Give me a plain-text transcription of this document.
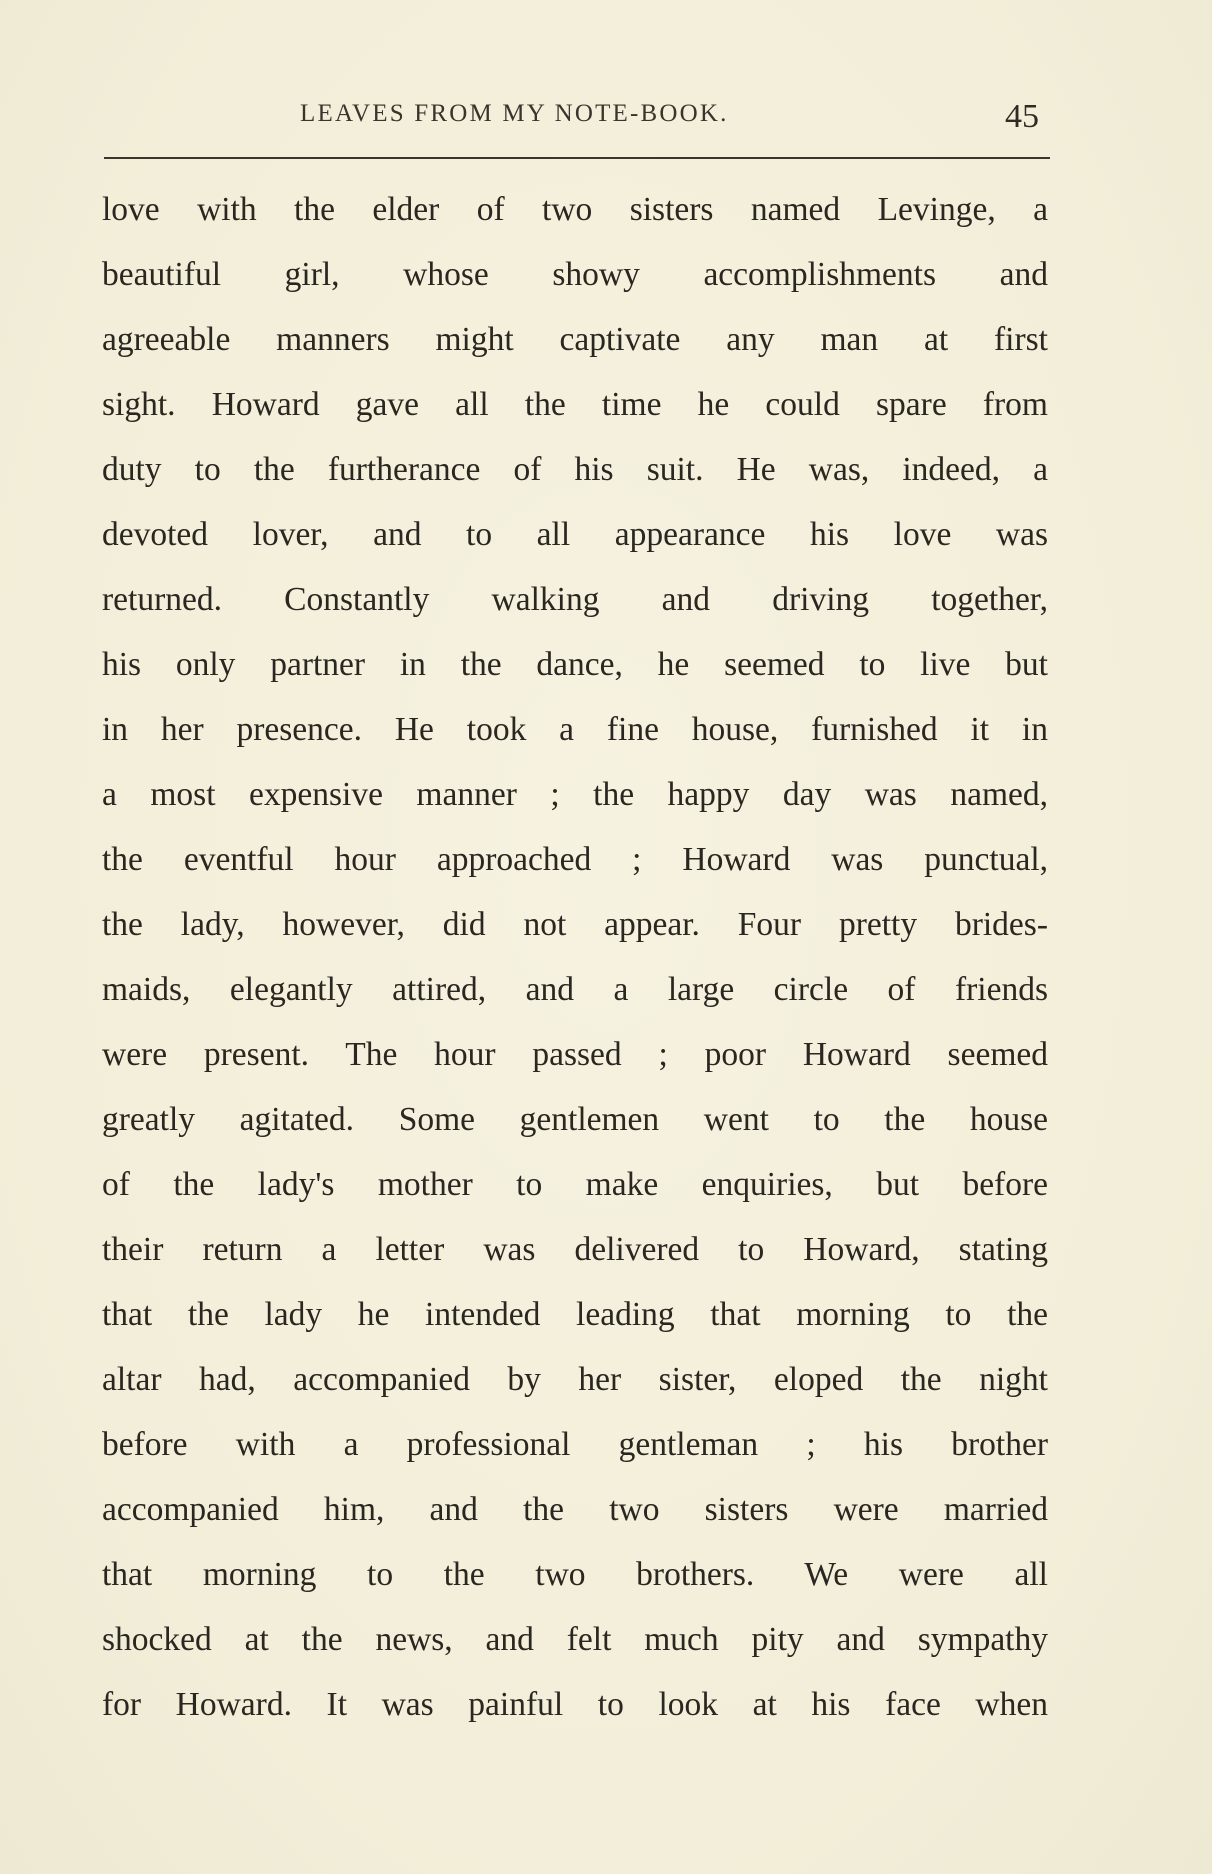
LEAVES FROM MY NOTE-BOOK.	45
love with the elder of two sisters named Levinge, a
beautiful girl, whose showy accomplishments and
agreeable manners might captivate any man at first
sight. Howard gave all the time he could spare from
duty to the furtherance of his suit. He was, indeed, a
devoted lover, and to all appearance his love was
returned. Constantly walking and driving together,
his only partner in the dance, he seemed to live but
in her presence. He took a fine house, furnished it in
a most expensive manner ; the happy day was named,
the eventful hour approached ; Howard was punctual,
the lady, however, did not appear. Four pretty brides-
maids, elegantly attired, and a large circle of friends
were present. The hour passed ; poor Howard seemed
greatly agitated. Some gentlemen went to the house
of the lady's mother to make enquiries, but before
their return a letter was delivered to Howard, stating
that the lady he intended leading that morning to the
altar had, accompanied by her sister, eloped the night
before with a professional gentleman ; his brother
accompanied him, and the two sisters were married
that morning to the two brothers. We were all
shocked at the news, and felt much pity and sympathy
for Howard. It was painful to look at his face when
